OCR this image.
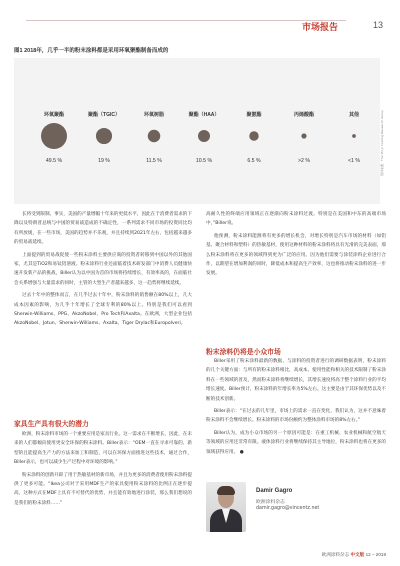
市场报告	13
图1 2018年，几乎一半的粉末涂料都是采用环氧聚酯制备而成的
环氧聚酯
49.5 %
聚酯（TGIC）
19 %
环氧树脂
11.5 %
聚酯（HAA）
10.5 %
聚氨酯
6.5 %
丙烯酸酯
>2 %
其他
<1 %	资料来源：The Vinyl Coating Research Group

长将受到限制。事实，美国的产量增幅十年来的更低水平，因此在于消费者需求的下降以及特朗普总统与中国的贸易战造成的不确定性，一系列需求不同市场的投资同比均有所放缓，在一些市场，美国的趋势并不乐观，并且持续到2021年左右，包括越来越多的贸易战延续。

上面提到的贸易战促使一些粉末涂料主要供应商的投资者转移到中国以外的其他国家，尤其是TiO2和易钛铝溶液。粉末涂料行业还面临着技术研发部门中消费人员健康快速开发新产品的挑战，Biller认为以中国为首的市场将持续增长，有效率高的，在面临社会关系增强与大量需求的同时，主管的大型生产者越来越多，这一趋势将继续延续。

过去十年中的整体而言，在几乎过去十年中，粉末涂料的销售额在80%以上，几大成本因素的影响，为几乎十年增长了全球专利的80%以上。特别是我们可以看到Sherwin-Williams、PPG、AkzoNobel、Pro Tech和Axalta。在欧洲，大型企业包括AkzoNobel、Jotun、Sherwin-Williams、Axalta、Tiger Drylac和Europolveri。

家具生产具有很大的潜力

欧洲，粉末涂料市场的一个重要应用是家具行业。这一需求在不断增长，因此，在未来的人们都倾向使用更安全环保的粉末涂料。Biller表示：“OEM一直在寻求可靠的、新型的且能提高生产力的方法来加工和制造，可以在环保方面推进这些技术，通过合作，Biller表示，也可以减少生产过程中对环境的影响。”

粉末涂料的创新开辟了用于热敏基材的新市场，并且为更多的消费者使用粉末涂料提供了更多可能。“Ikea公司对于采用MDF生产的家具使用粉末涂料的比例正在逐步提高，这种方式在MDF上具有不可替代的优势，并且能有效地进行涂装，那么我们想说的是我们的粉末涂料……”

高耐久性的终端应用领域正在逐渐向粉末涂料过渡。特别是在美国和中东的高端市场中，”Biller说。

他预测，粉末涂料能源将有更多的增长机会，对增长特别是汽车市场的材料（如铝基、聚合材料和塑料）的热敏基材，使用这种材料的粉末涂料将具有光滑的完美表面，那么粉末涂料将在更多的领域得到更为广泛的应用。因为他们需要与涂装涂料企业进行合作，以期望在增加利润的同时，降低成本和提高生产效率，这也将推动粉末涂料的进一步发展。

粉末涂料仍将是小众市场

Biller采用了粉末涂料最新的数据，与涂料的投资者进行的调研数据表明，粉末涂料的几个关键方面：与所有的粉末涂料相比，高成本、使用性能和相关的技术限制了粉末涂料在一些领域的普及，然而粉末涂料将继续增长，其增长速度将高于整个涂料行业的平均增长速度。Biller预计，粉末涂料的年增长率为5%左右。这主要是由于其环保优势以及不断的技术创新。

Biller表示：“在过去的几年里，市场上的需求一直在变化，我们认为，这并不意味着粉末涂料不会继续增长。粉末涂料的市场份额约为整体涂料市场的8%左右。”

Biller认为，成为小众市场的另一个原因可能是：在重工机械、农业机械和航空航天等领域的应用还非常有限。液体涂料行业将继续保持其主导地位，粉末涂料也将在更多的领域获得应用。 ●

Damir Gagro
欧洲涂料杂志
damir.gagro@vincentz.net
欧洲涂料杂志 中文版 12 – 2019
